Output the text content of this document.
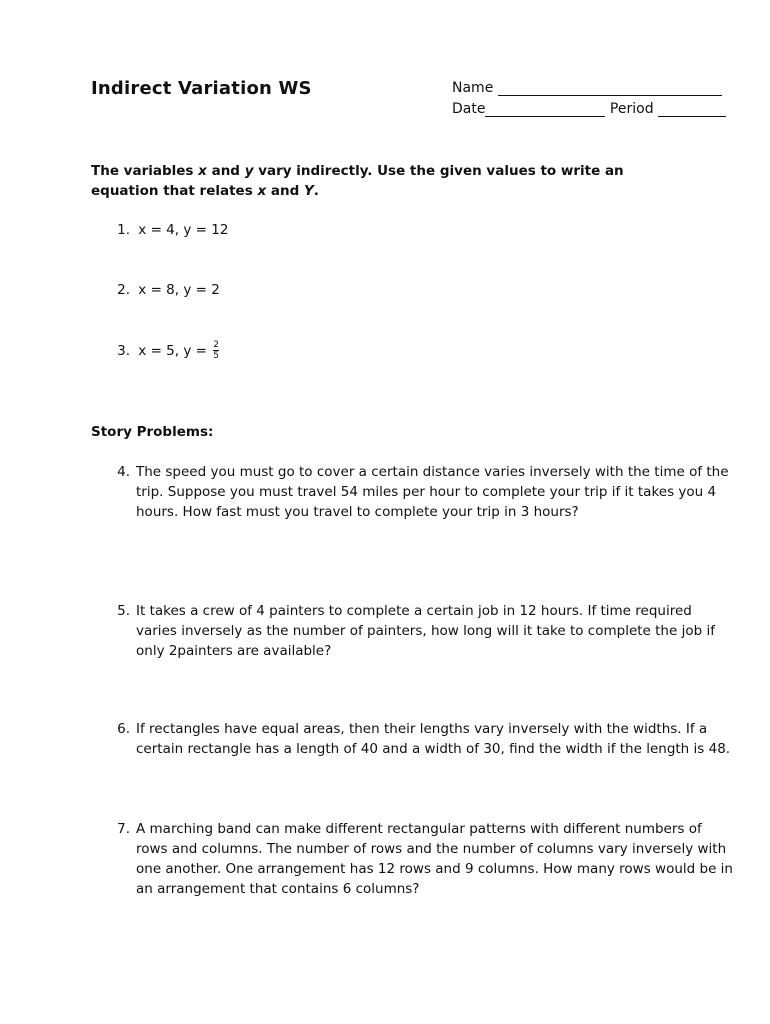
Indirect Variation WS	Name
Date	Period
The variables x and y vary indirectly. Use the given values to write an equation that relates x and Y.
1. x = 4, y = 12
2. x = 8, y = 2
3. x = 5, $y = \frac{2}{5}$
Story Problems:
4. The speed you must go to cover a certain distance varies inversely with the time of the trip. Suppose you must travel 54 miles per hour to complete your trip if it takes you 4 hours. How fast must you travel to complete your trip in 3 hours?
5. It takes a crew of 4 painters to complete a certain job in 12 hours. If time required varies inversely as the number of painters, how long will it take to complete the job if only 2painters are available?
6. If rectangles have equal areas, then their lengths vary inversely with the widths. If a certain rectangle has a length of 40 and a width of 30, find the width if the length is 48.
7. A marching band can make different rectangular patterns with different numbers of rows and columns. The number of rows and the number of columns vary inversely with one another. One arrangement has 12 rows and 9 columns. How many rows would be in an arrangement that contains 6 columns?
